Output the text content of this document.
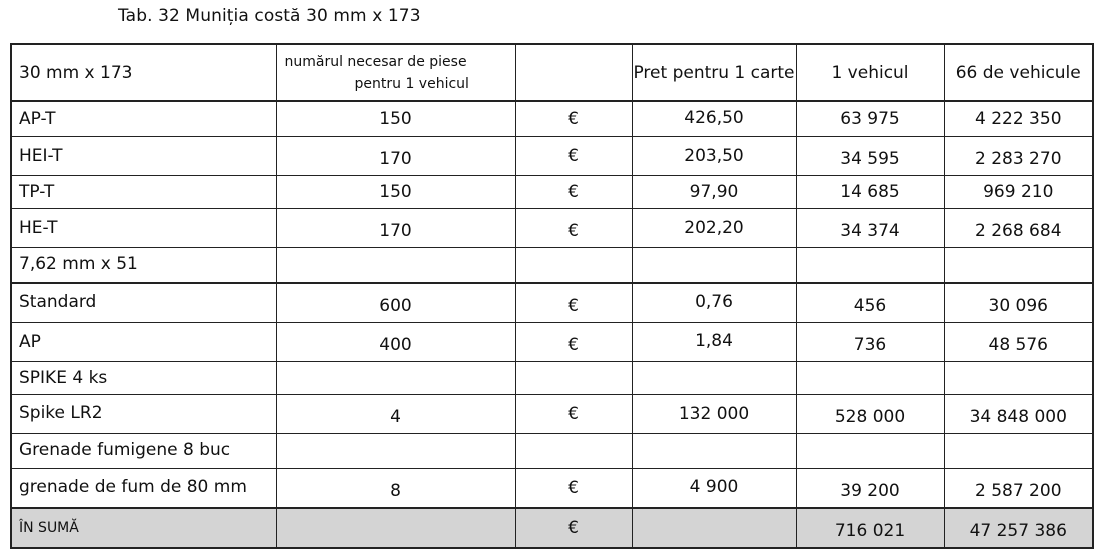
Tab. 32 Muniția costă 30 mm x 173
30 mm x 173	numărul necesar de piese
pentru 1 vehicul		Pret pentru 1 carte	1 vehicul	66 de vehicule
AP-T	150	€	426,50	63 975	4 222 350
HEI-T	170	€	203,50	34 595	2 283 270
TP-T	150	€	97,90	14 685	969 210
HE-T	170	€	202,20	34 374	2 268 684
7,62 mm x 51					
Standard	600	€	0,76	456	30 096
AP	400	€	1,84	736	48 576
SPIKE 4 ks					
Spike LR2	4	€	132 000	528 000	34 848 000
Grenade fumigene 8 buc					
grenade de fum de 80 mm	8	€	4 900	39 200	2 587 200
ÎN SUMĂ		€		716 021	47 257 386
